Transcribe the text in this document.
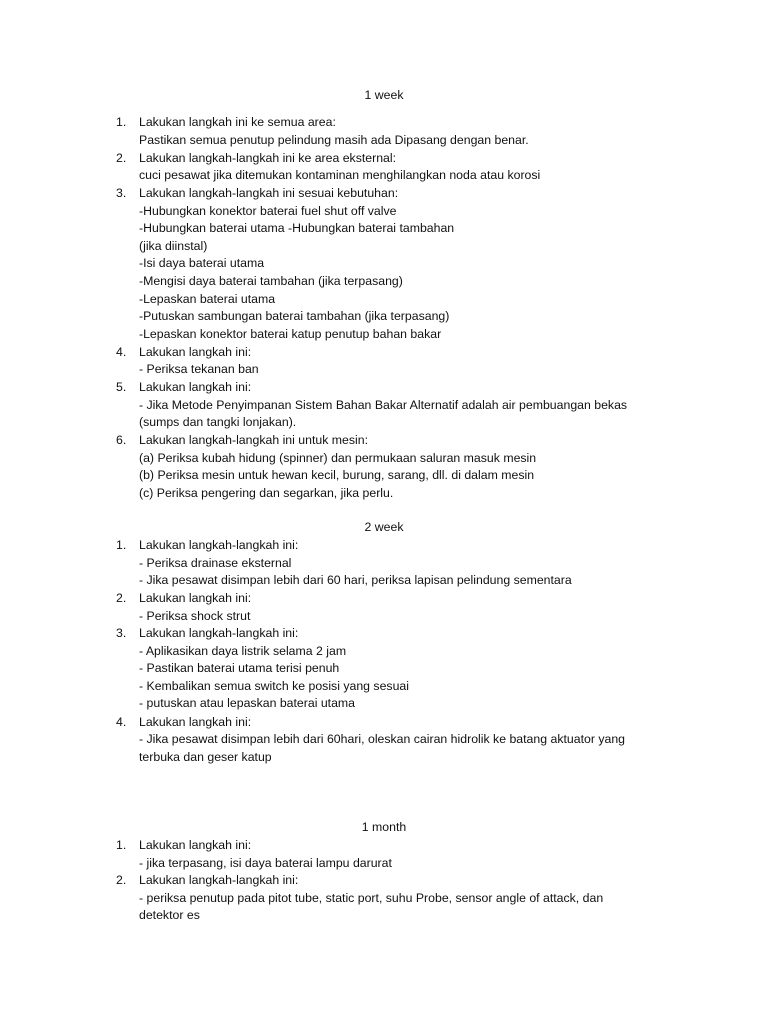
1 week
1.	Lakukan langkah ini ke semua area:
Pastikan semua penutup pelindung masih ada Dipasang dengan benar.
2.	Lakukan langkah-langkah ini ke area eksternal:
cuci pesawat jika ditemukan kontaminan menghilangkan noda atau korosi
3.	Lakukan langkah-langkah ini sesuai kebutuhan:
-Hubungkan konektor baterai fuel shut off valve
-Hubungkan baterai utama -Hubungkan baterai tambahan
(jika diinstal)
-Isi daya baterai utama
-Mengisi daya baterai tambahan (jika terpasang)
-Lepaskan baterai utama
-Putuskan sambungan baterai tambahan (jika terpasang)
-Lepaskan konektor baterai katup penutup bahan bakar
4.	Lakukan langkah ini:
- Periksa tekanan ban
5.	Lakukan langkah ini:
- Jika Metode Penyimpanan Sistem Bahan Bakar Alternatif adalah air pembuangan bekas
(sumps dan tangki lonjakan).
6.	Lakukan langkah-langkah ini untuk mesin:
(a) Periksa kubah hidung (spinner) dan permukaan saluran masuk mesin
(b) Periksa mesin untuk hewan kecil, burung, sarang, dll. di dalam mesin
(c) Periksa pengering dan segarkan, jika perlu.
2 week
1.	Lakukan langkah-langkah ini:
- Periksa drainase eksternal
- Jika pesawat disimpan lebih dari 60 hari, periksa lapisan pelindung sementara
2.	Lakukan langkah ini:
- Periksa shock strut
3.	Lakukan langkah-langkah ini:
- Aplikasikan daya listrik selama 2 jam
- Pastikan baterai utama terisi penuh
- Kembalikan semua switch ke posisi yang sesuai
- putuskan atau lepaskan baterai utama
4.	Lakukan langkah ini:
- Jika pesawat disimpan lebih dari 60hari, oleskan cairan hidrolik ke batang aktuator yang
terbuka dan geser katup
1 month
1.	Lakukan langkah ini:
- jika terpasang, isi daya baterai lampu darurat
2.	Lakukan langkah-langkah ini:
- periksa penutup pada pitot tube, static port, suhu Probe, sensor angle of attack, dan
detektor es
